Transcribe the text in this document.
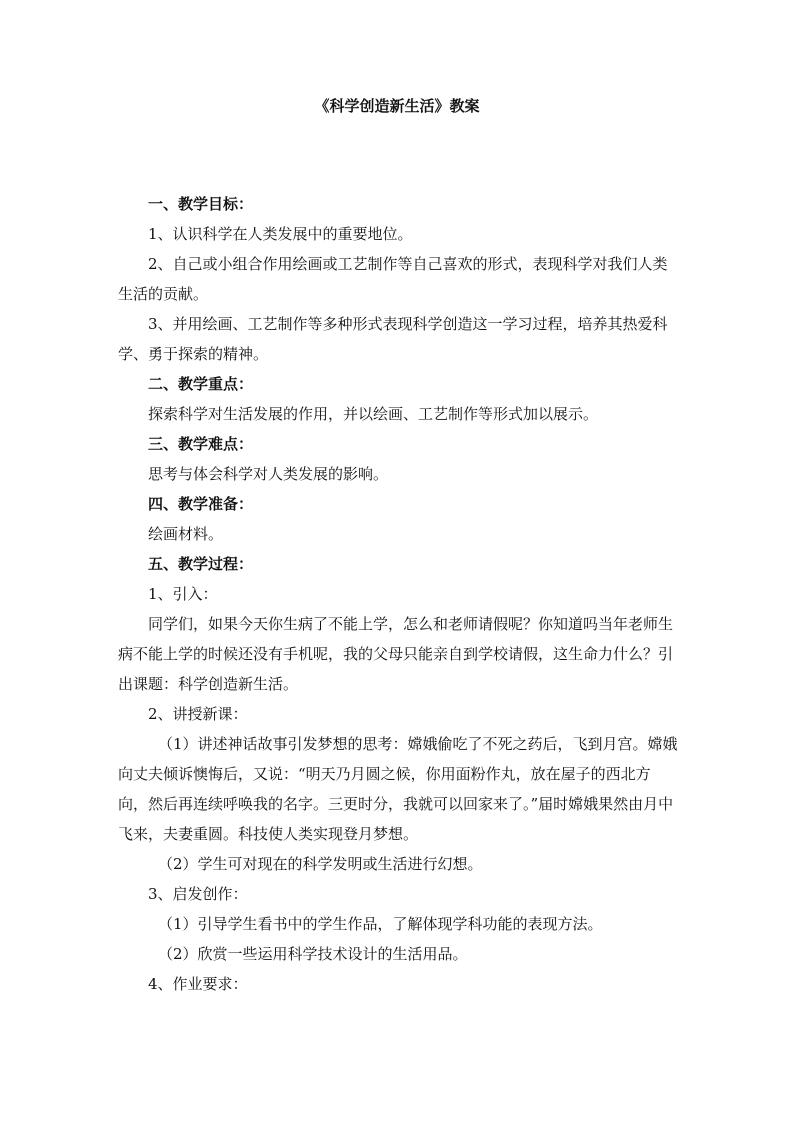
《科学创造新生活》教案

一、教学目标：

1、认识科学在人类发展中的重要地位。

2、自己或小组合作用绘画或工艺制作等自己喜欢的形式，表现科学对我们人类生活的贡献。

3、并用绘画、工艺制作等多种形式表现科学创造这一学习过程，培养其热爱科学、勇于探索的精神。

二、教学重点：

探索科学对生活发展的作用，并以绘画、工艺制作等形式加以展示。

三、教学难点：

思考与体会科学对人类发展的影响。

四、教学准备：

绘画材料。

五、教学过程：

1、引入：

同学们，如果今天你生病了不能上学，怎么和老师请假呢？你知道吗当年老师生病不能上学的时候还没有手机呢，我的父母只能亲自到学校请假，这生命力什么？引出课题：科学创造新生活。

2、讲授新课：

（1）讲述神话故事引发梦想的思考：嫦娥偷吃了不死之药后，飞到月宫。嫦娥向丈夫倾诉懊悔后，又说：“明天乃月圆之候，你用面粉作丸，放在屋子的西北方向，然后再连续呼唤我的名字。三更时分，我就可以回家来了。”届时嫦娥果然由月中飞来，夫妻重圆。科技使人类实现登月梦想。

（2）学生可对现在的科学发明或生活进行幻想。

3、启发创作：

（1）引导学生看书中的学生作品，了解体现学科功能的表现方法。

（2）欣赏一些运用科学技术设计的生活用品。

4、作业要求：
